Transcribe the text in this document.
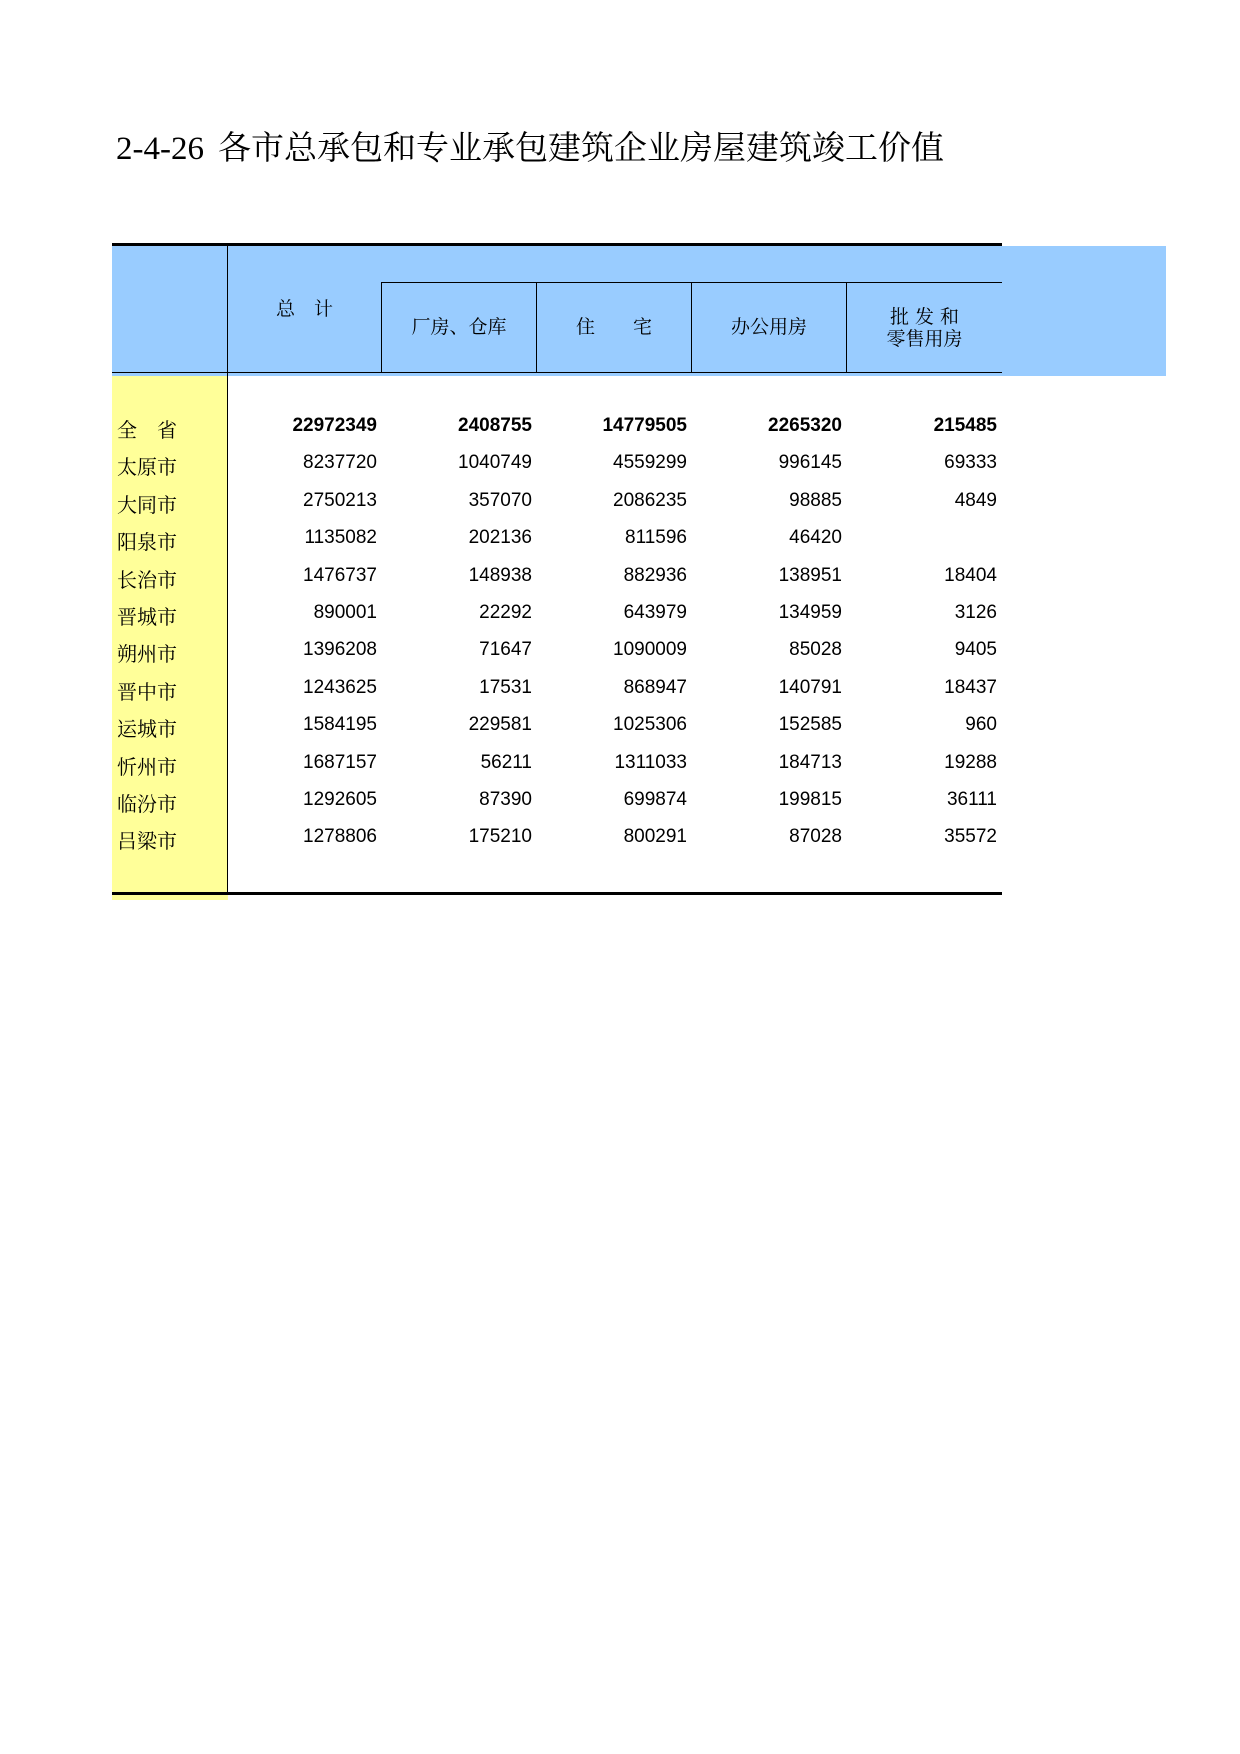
2-4-26 各市总承包和专业承包建筑企业房屋建筑竣工价值
总　计
厂房、仓库	住　　宅	办公用房	批 发 和
零售用房
全　省	22972349	2408755	14779505	2265320	215485
太原市	8237720	1040749	4559299	996145	69333
大同市	2750213	357070	2086235	98885	4849
阳泉市	1135082	202136	811596	46420
长治市	1476737	148938	882936	138951	18404
晋城市	890001	22292	643979	134959	3126
朔州市	1396208	71647	1090009	85028	9405
晋中市	1243625	17531	868947	140791	18437
运城市	1584195	229581	1025306	152585	960
忻州市	1687157	56211	1311033	184713	19288
临汾市	1292605	87390	699874	199815	36111
吕梁市	1278806	175210	800291	87028	35572
